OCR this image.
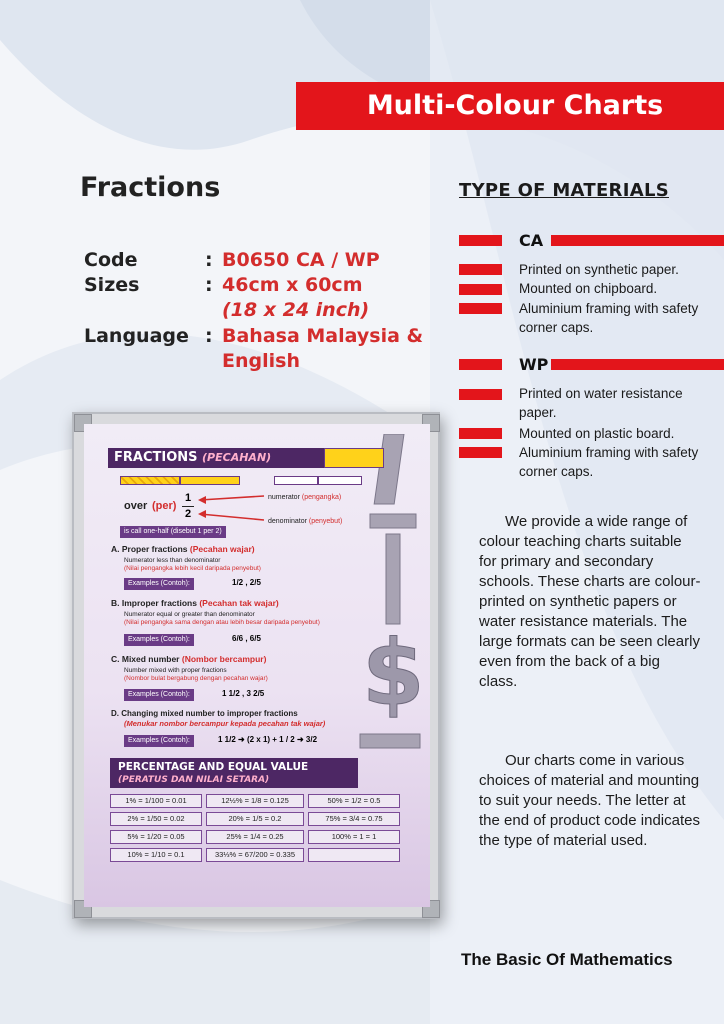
Multi-Colour Charts
Fractions
Code	: B0650 CA / WP
Sizes	: 46cm x 60cm
(18 x 24 inch)
Language : Bahasa Malaysia &
English
TYPE OF MATERIALS
CA
Printed on synthetic paper.
Mounted on chipboard.
Aluminium framing with safety corner caps.
WP
Printed on water resistance paper.
Mounted on plastic board.
Aluminium framing with safety corner caps.
We provide a wide range of colour teaching charts suitable for primary and secondary schools. These charts are colour-printed on synthetic papers or water resistance materials. The large formats can be seen clearly even from the back of a big class.
Our charts come in various choices of material and mounting to suit your needs. The letter at the end of product code indicates the type of material used.
The Basic Of Mathematics
$
FRACTIONS (PECAHAN)
over (per)
1
2
numerator (pengangka)
denominator (penyebut)
is call one-half (disebut 1 per 2)
A. Proper fractions (Pecahan wajar)
Numerator less than denominator
(Nilai pengangka lebih kecil daripada penyebut)
Examples (Contoh):	1/2 , 2/5
B. Improper fractions (Pecahan tak wajar)
Numerator equal or greater than denominator
(Nilai pengangka sama dengan atau lebih besar daripada penyebut)
Examples (Contoh):	6/6 , 6/5
C. Mixed number (Nombor bercampur)
Number mixed with proper fractions
(Nombor bulat bergabung dengan pecahan wajar)
Examples (Contoh):	1 1/2 , 3 2/5
D. Changing mixed number to improper fractions
(Menukar nombor bercampur kepada pecahan tak wajar)
Examples (Contoh):	1 1/2 ➜ (2 x 1) + 1 / 2 ➜ 3/2
PERCENTAGE AND EQUAL VALUE
(PERATUS DAN NILAI SETARA)
1% = 1/100 = 0.01	12½% = 1/8 = 0.125	50% = 1/2 = 0.5
2% = 1/50 = 0.02	20% = 1/5 = 0.2	75% = 3/4 = 0.75
5% = 1/20 = 0.05	25% = 1/4 = 0.25	100% = 1 = 1
10% = 1/10 = 0.1	33⅓% = 67/200 = 0.335
